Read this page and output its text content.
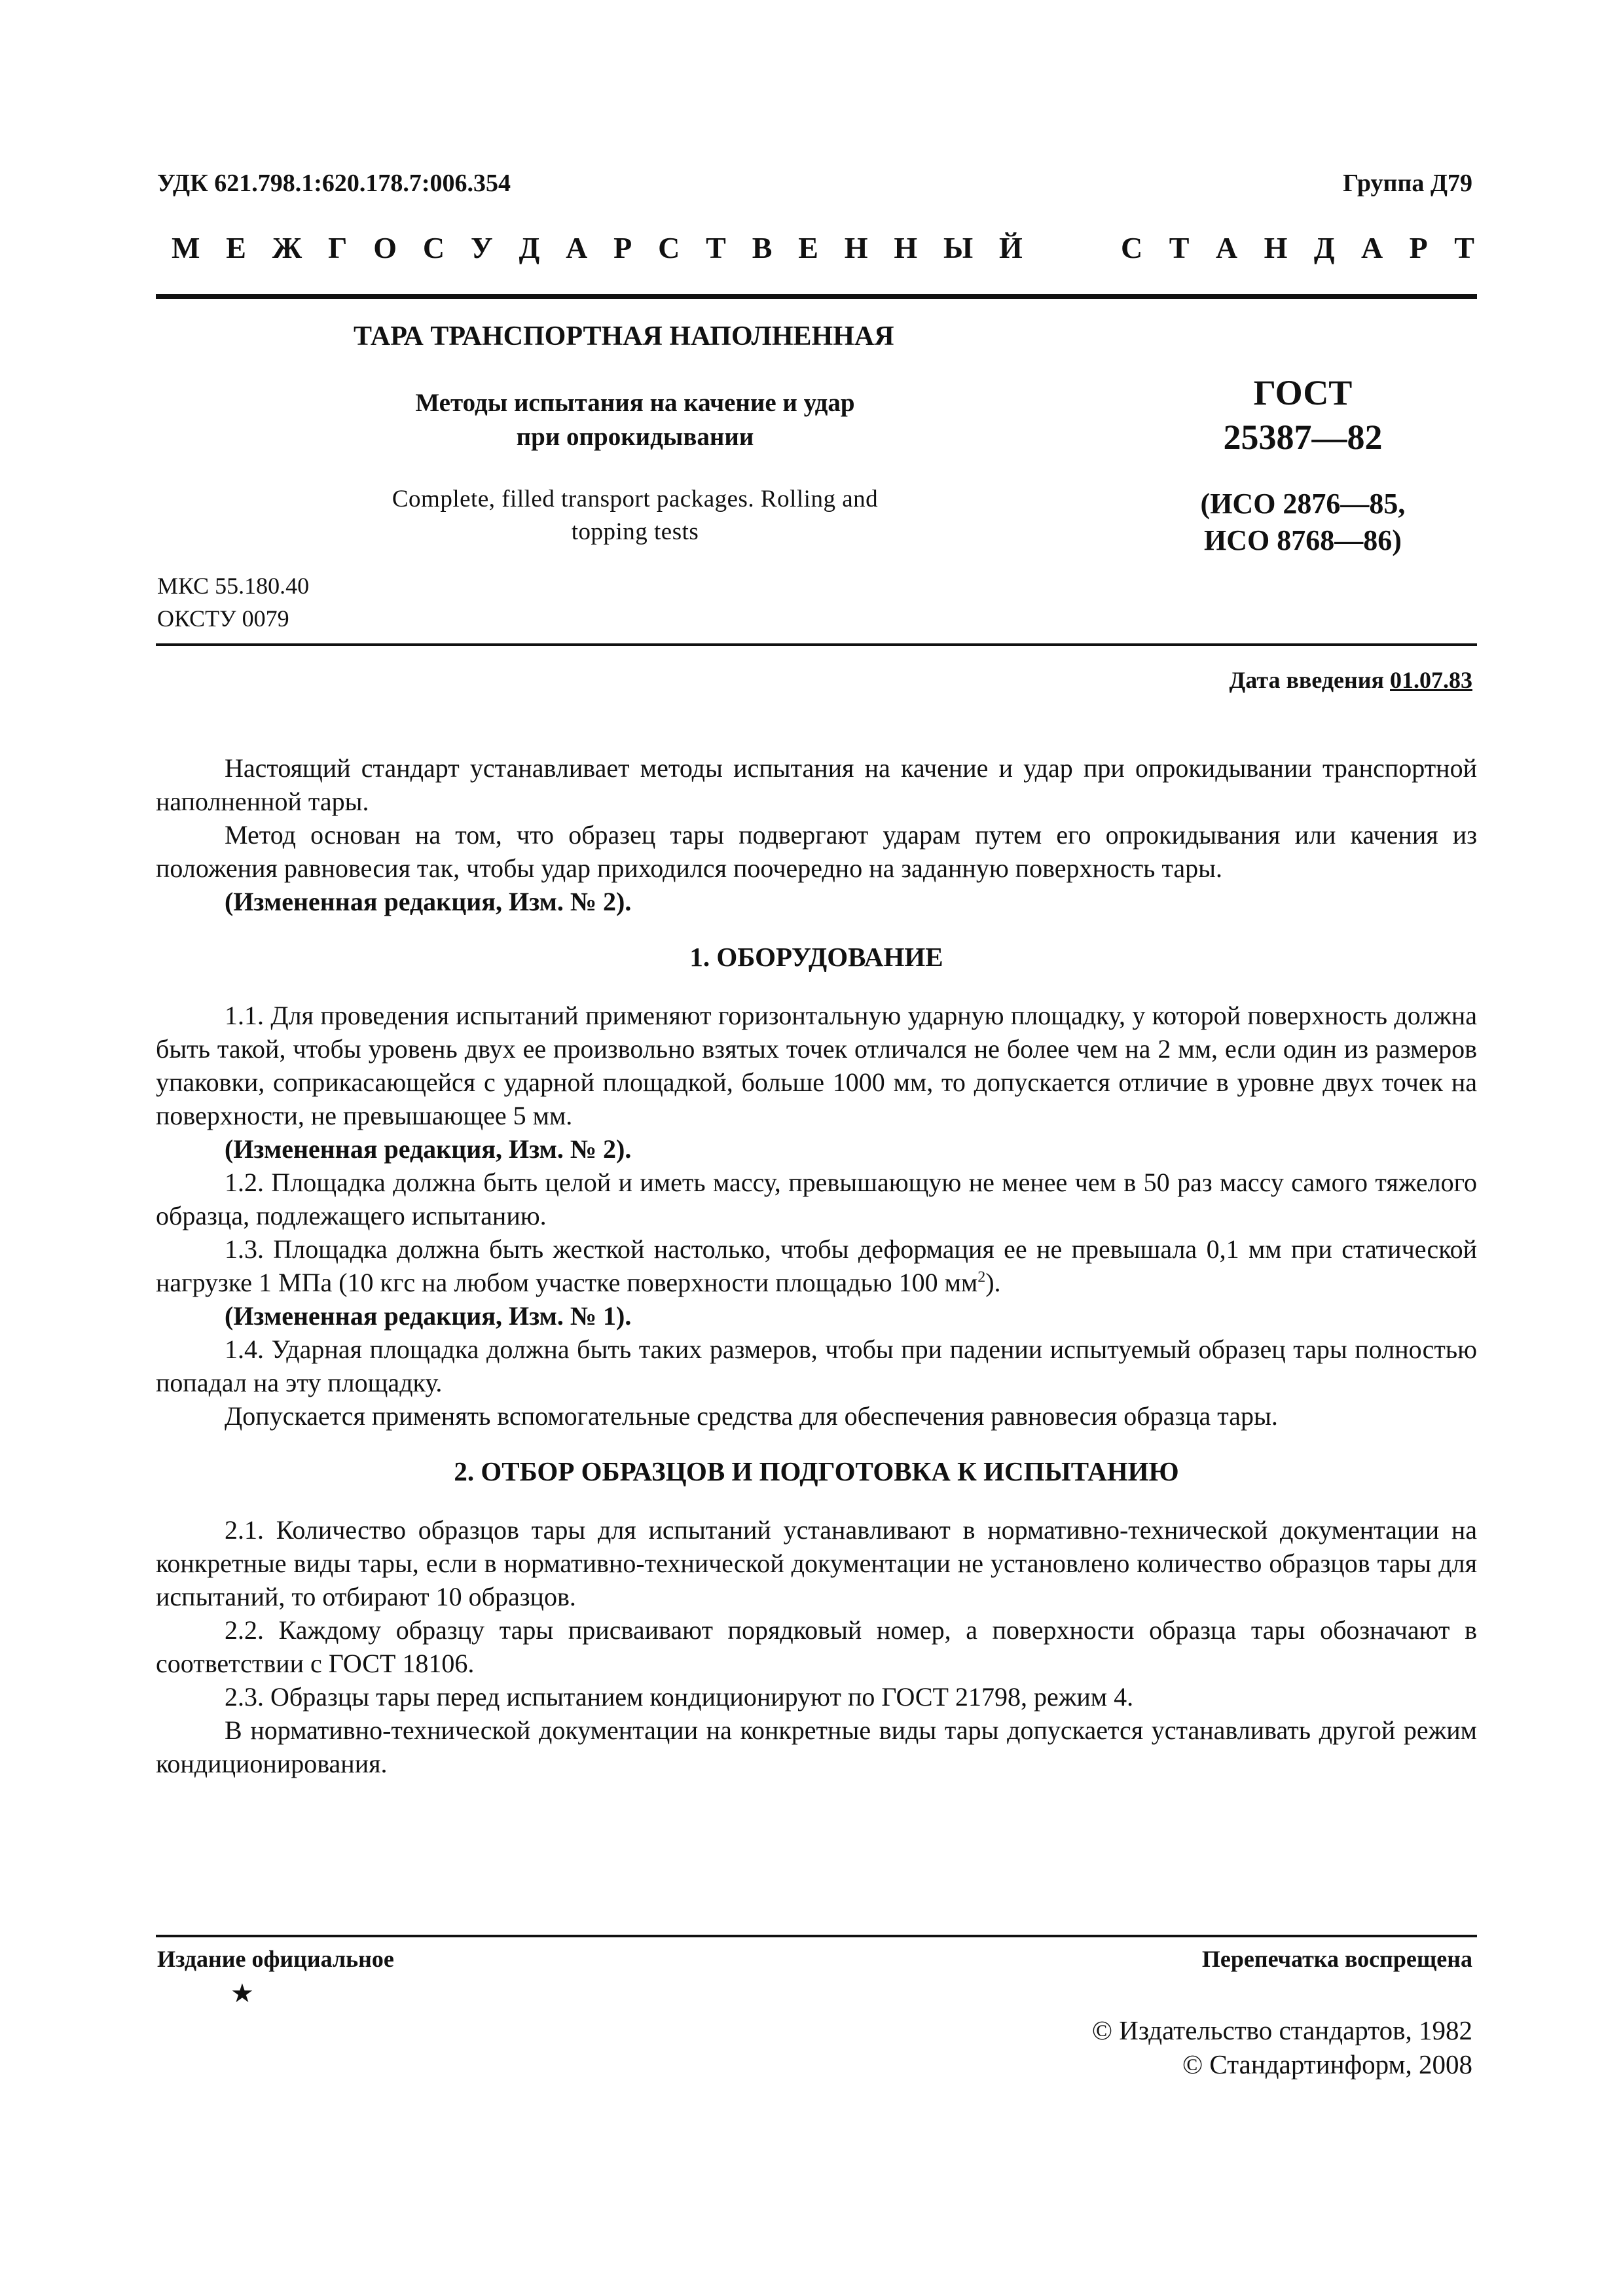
УДК 621.798.1:620.178.7:006.354	Группа Д79
М Е Ж Г О С У Д А Р С Т В Е Н Н Ы Й	С Т А Н Д А Р Т
ТАРА ТРАНСПОРТНАЯ НАПОЛНЕННАЯ
Методы испытания на качение и удар
при опрокидывании
Complete, filled transport packages. Rolling and
topping tests
ГОСТ
25387—82
(ИСО 2876—85,
ИСО 8768—86)
МКС 55.180.40
ОКСТУ 0079
Дата введения 01.07.83

Настоящий стандарт устанавливает методы испытания на качение и удар при опрокидывании транспортной наполненной тары.

Метод основан на том, что образец тары подвергают ударам путем его опрокидывания или качения из положения равновесия так, чтобы удар приходился поочередно на заданную поверхность тары.

(Измененная редакция, Изм. № 2).

1. ОБОРУДОВАНИЕ

1.1. Для проведения испытаний применяют горизонтальную ударную площадку, у которой поверхность должна быть такой, чтобы уровень двух ее произвольно взятых точек отличался не более чем на 2 мм, если один из размеров упаковки, соприкасающейся с ударной площадкой, больше 1000 мм, то допускается отличие в уровне двух точек на поверхности, не превышающее 5 мм.

(Измененная редакция, Изм. № 2).

1.2. Площадка должна быть целой и иметь массу, превышающую не менее чем в 50 раз массу самого тяжелого образца, подлежащего испытанию.

1.3. Площадка должна быть жесткой настолько, чтобы деформация ее не превышала 0,1 мм при статической нагрузке 1 МПа (10 кгс на любом участке поверхности площадью 100 $мм^2$).

(Измененная редакция, Изм. № 1).

1.4. Ударная площадка должна быть таких размеров, чтобы при падении испытуемый образец тары полностью попадал на эту площадку.

Допускается применять вспомогательные средства для обеспечения равновесия образца тары.

2. ОТБОР ОБРАЗЦОВ И ПОДГОТОВКА К ИСПЫТАНИЮ

2.1. Количество образцов тары для испытаний устанавливают в нормативно-технической документации на конкретные виды тары, если в нормативно-технической документации не установлено количество образцов тары для испытаний, то отбирают 10 образцов.

2.2. Каждому образцу тары присваивают порядковый номер, а поверхности образца тары обозначают в соответствии с ГОСТ 18106.

2.3. Образцы тары перед испытанием кондиционируют по ГОСТ 21798, режим 4.

В нормативно-технической документации на конкретные виды тары допускается устанавливать другой режим кондиционирования.

Издание официальное
★
Перепечатка воспрещена
© Издательство стандартов, 1982
© Стандартинформ, 2008
